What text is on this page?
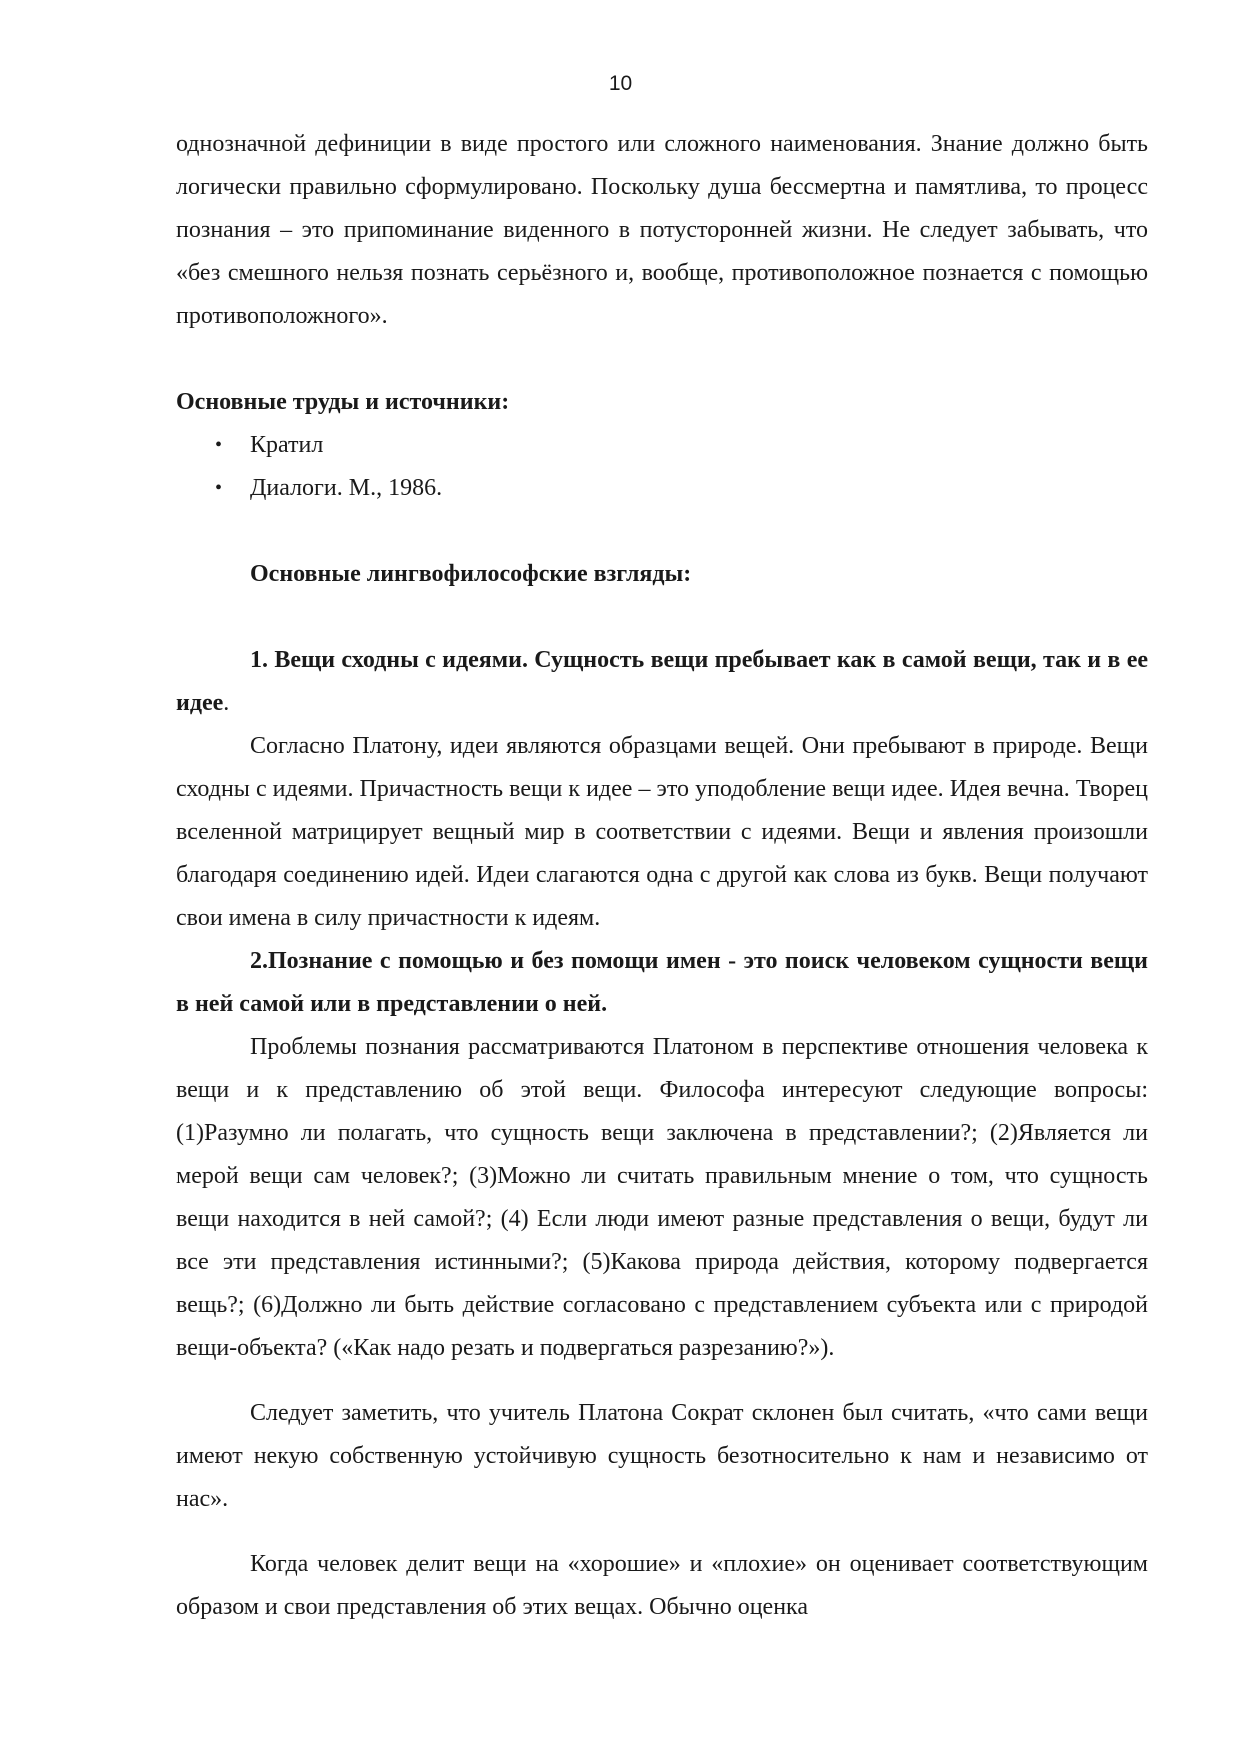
10

однозначной дефиниции в виде простого или сложного наименования. Знание должно быть логически правильно сформулировано. Поскольку душа бессмертна и памятлива, то процесс познания – это припоминание виденного в потусторонней жизни. Не следует забывать, что «без смешного нельзя познать серьёзного и, вообще, противоположное познается с помощью противоположного».

Основные труды и источники:

• Кратил
• Диалоги. М., 1986.

Основные лингвофилософские взгляды:

1. Вещи сходны с идеями. Сущность вещи пребывает как в самой вещи, так и в ее идее.

Согласно Платону, идеи являются образцами вещей. Они пребывают в природе. Вещи сходны с идеями. Причастность вещи к идее – это уподобление вещи идее. Идея вечна. Творец вселенной матрицирует вещный мир в соответствии с идеями. Вещи и явления произошли благодаря соединению идей. Идеи слагаются одна с другой как слова из букв. Вещи получают свои имена в силу причастности к идеям.

2.Познание с помощью и без помощи имен - это поиск человеком сущности вещи в ней самой или в представлении о ней.

Проблемы познания рассматриваются Платоном в перспективе отношения человека к вещи и к представлению об этой вещи. Философа интересуют следующие вопросы: (1)Разумно ли полагать, что сущность вещи заключена в представлении?; (2)Является ли мерой вещи сам человек?; (3)Можно ли считать правильным мнение о том, что сущность вещи находится в ней самой?; (4) Если люди имеют разные представления о вещи, будут ли все эти представления истинными?; (5)Какова природа действия, которому подвергается вещь?; (6)Должно ли быть действие согласовано с представлением субъекта или с природой вещи-объекта? («Как надо резать и подвергаться разрезанию?»).

Следует заметить, что учитель Платона Сократ склонен был считать, «что сами вещи имеют некую собственную устойчивую сущность безотносительно к нам и независимо от нас».

Когда человек делит вещи на «хорошие» и «плохие» он оценивает соответствующим образом и свои представления об этих вещах. Обычно оценка
